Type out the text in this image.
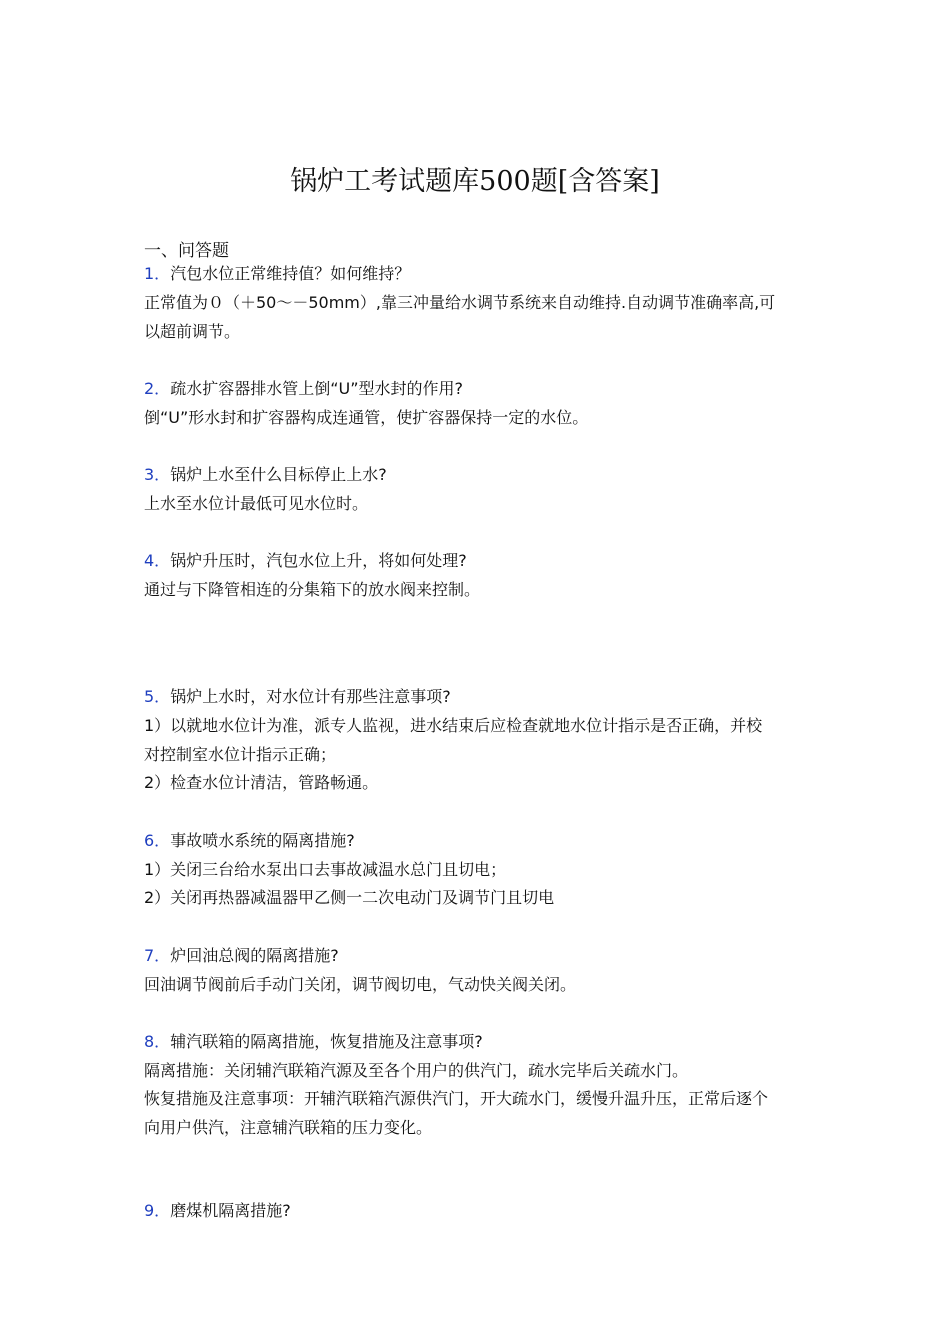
锅炉工考试题库500题[含答案]
一、问答题
1．汽包水位正常维持值？如何维持？
正常值为０（＋50～－50mm）,靠三冲量给水调节系统来自动维持.自动调节准确率高,可
以超前调节。
2．疏水扩容器排水管上倒“U”型水封的作用?
倒“U”形水封和扩容器构成连通管，使扩容器保持一定的水位。
3．锅炉上水至什么目标停止上水?
上水至水位计最低可见水位时。
4．锅炉升压时，汽包水位上升，将如何处理?
通过与下降管相连的分集箱下的放水阀来控制。
5．锅炉上水时，对水位计有那些注意事项?
1）以就地水位计为准，派专人监视，进水结束后应检查就地水位计指示是否正确，并校
对控制室水位计指示正确；
2）检查水位计清洁，管路畅通。
6．事故喷水系统的隔离措施?
1）关闭三台给水泵出口去事故减温水总门且切电；
2）关闭再热器减温器甲乙侧一二次电动门及调节门且切电
7．炉回油总阀的隔离措施?
回油调节阀前后手动门关闭，调节阀切电，气动快关阀关闭。
8．辅汽联箱的隔离措施，恢复措施及注意事项?
隔离措施：关闭辅汽联箱汽源及至各个用户的供汽门，疏水完毕后关疏水门。
恢复措施及注意事项：开辅汽联箱汽源供汽门，开大疏水门，缓慢升温升压，正常后逐个
向用户供汽，注意辅汽联箱的压力变化。
9．磨煤机隔离措施?
